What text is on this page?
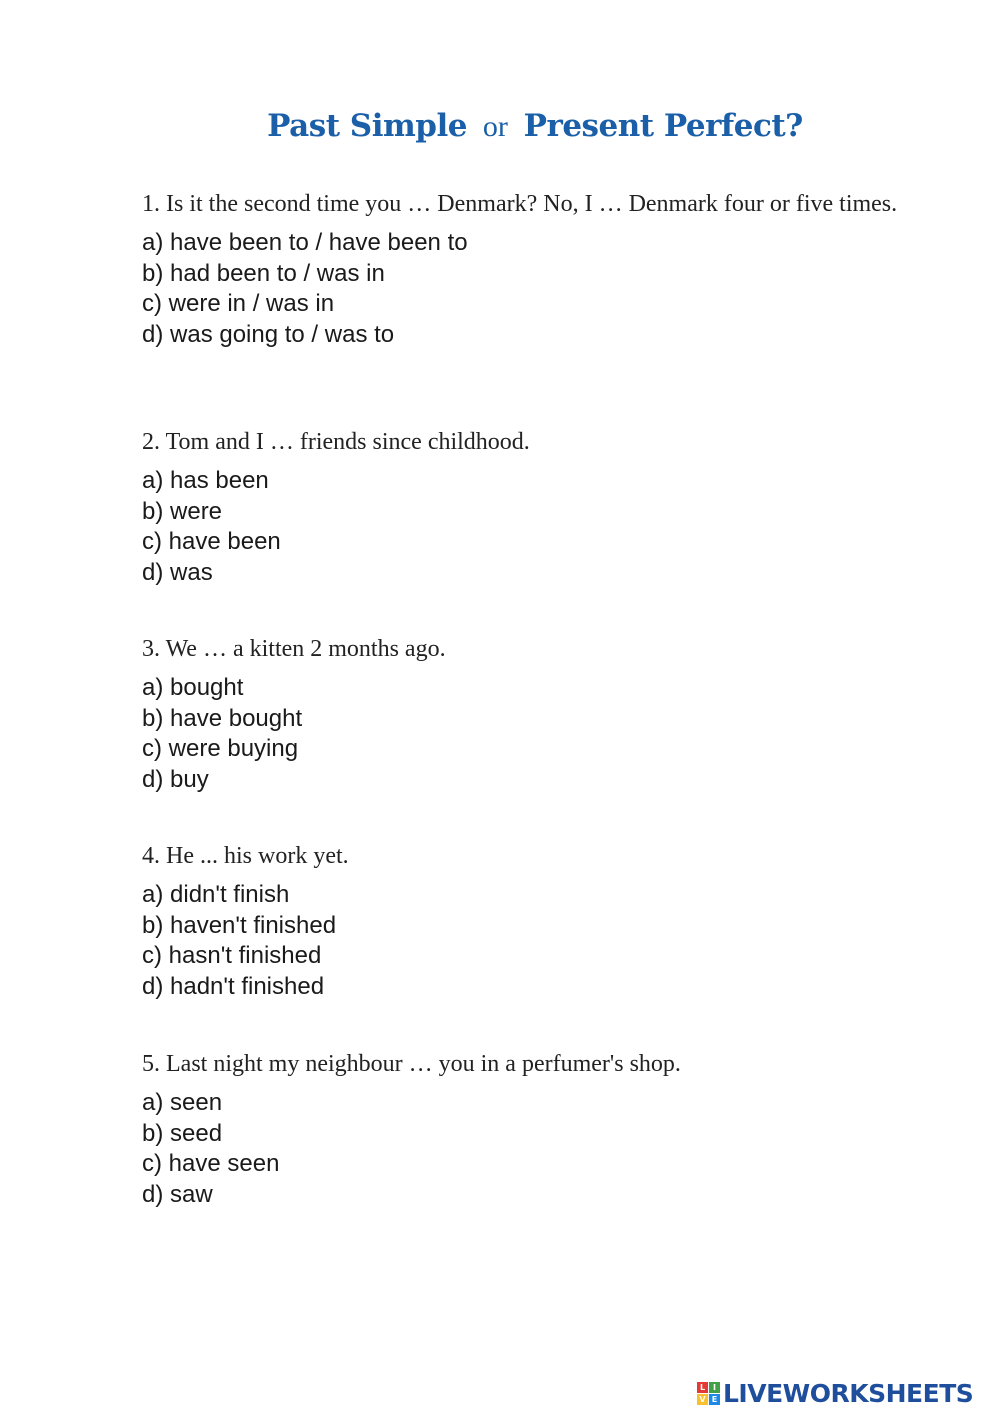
Past Simple or Present Perfect?

1. Is it the second time you … Denmark? No, I … Denmark four or five times.

a) have been to / have been to
b) had been to / was in
c) were in / was in
d) was going to / was to

2. Tom and I … friends since childhood.

a) has been
b) were
c) have been
d) was

3. We … a kitten 2 months ago.

a) bought
b) have bought
c) were buying
d) buy

4. He ... his work yet.

a) didn't finish
b) haven't finished
c) hasn't finished
d) hadn't finished

5. Last night my neighbour … you in a perfumer's shop.

a) seen
b) seed
c) have seen
d) saw
L I
V E LIVEWORKSHEETS
